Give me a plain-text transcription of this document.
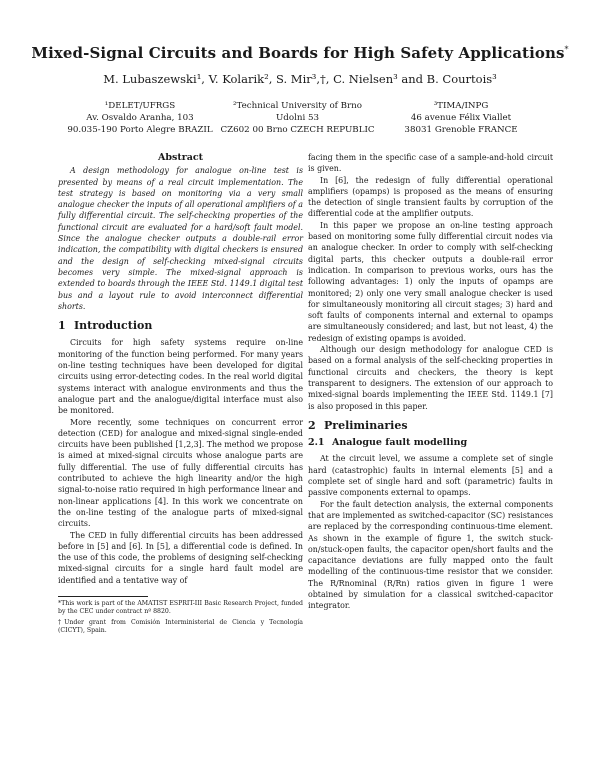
Mixed-Signal Circuits and Boards for High Safety Applications*
M. Lubaszewski¹, V. Kolarik², S. Mir³,†, C. Nielsen³ and B. Courtois³
¹DELET/UFRGS
Av. Osvaldo Aranha, 103
90.035-190 Porto Alegre BRAZIL
²Technical University of Brno
Udolni 53
CZ602 00 Brno CZECH REPUBLIC
³TIMA/INPG
46 avenue Félix Viallet
38031 Grenoble FRANCE
Abstract

A design methodology for analogue on-line test is presented by means of a real circuit implementation. The test strategy is based on monitoring via a very small analogue checker the inputs of all operational amplifiers of a fully differential circuit. The self-checking properties of the functional circuit are evaluated for a hard/soft fault model. Since the analogue checker outputs a double-rail error indication, the compatibility with digital checkers is ensured and the design of self-checking mixed-signal circuits becomes very simple. The mixed-signal approach is extended to boards through the IEEE Std. 1149.1 digital test bus and a layout rule to avoid interconnect differential shorts.

1 Introduction

Circuits for high safety systems require on-line monitoring of the function being performed. For many years on-line testing techniques have been developed for digital circuits using error-detecting codes. In the real world digital systems interact with analogue environments and thus the analogue part and the analogue/digital interface must also be monitored.

More recently, some techniques on concurrent error detection (CED) for analogue and mixed-signal single-ended circuits have been published [1,2,3]. The method we propose is aimed at mixed-signal circuits whose analogue parts are fully differential. The use of fully differential circuits has contributed to achieve the high linearity and/or the high signal-to-noise ratio required in high performance linear and non-linear applications [4]. In this work we concentrate on the on-line testing of the analogue parts of mixed-signal circuits.

The CED in fully differential circuits has been addressed before in [5] and [6]. In [5], a differential code is defined. In the use of this code, the problems of designing self-checking mixed-signal circuits for a single hard fault model are identified and a tentative way of

*This work is part of the AMATIST ESPRIT-III Basic Research Project, funded by the CEC under contract nº 8820.

†Under grant from Comisión Interministerial de Ciencia y Tecnología (CICYT), Spain.

facing them in the specific case of a sample-and-hold circuit is given.

In [6], the redesign of fully differential operational amplifiers (opamps) is proposed as the means of ensuring the detection of single transient faults by corruption of the differential code at the amplifier outputs.

In this paper we propose an on-line testing approach based on monitoring some fully differential circuit nodes via an analogue checker. In order to comply with self-checking digital parts, this checker outputs a double-rail error indication. In comparison to previous works, ours has the following advantages: 1) only the inputs of opamps are monitored; 2) only one very small analogue checker is used for simultaneously monitoring all circuit stages; 3) hard and soft faults of components internal and external to opamps are simultaneously considered; and last, but not least, 4) the redesign of existing opamps is avoided.

Although our design methodology for analogue CED is based on a formal analysis of the self-checking properties in functional circuits and checkers, the theory is kept transparent to designers. The extension of our approach to mixed-signal boards implementing the IEEE Std. 1149.1 [7] is also proposed in this paper.

2 Preliminaries
2.1 Analogue fault modelling

At the circuit level, we assume a complete set of single hard (catastrophic) faults in internal elements [5] and a complete set of single hard and soft (parametric) faults in passive components external to opamps.

For the fault detection analysis, the external components that are implemented as switched-capacitor (SC) resistances are replaced by the corresponding continuous-time element. As shown in the example of figure 1, the switch stuck-on/stuck-open faults, the capacitor open/short faults and the capacitance deviations are fully mapped onto the fault modelling of the continuous-time resistor that we consider. The R/Rnominal (R/Rn) ratios given in figure 1 were obtained by simulation for a classical switched-capacitor integrator.
